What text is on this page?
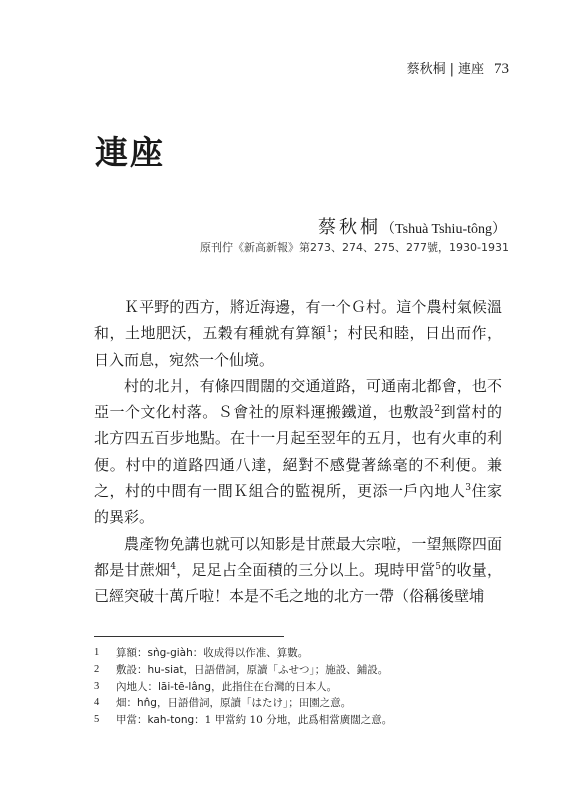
蔡秋桐 | 連座 73
連座
蔡秋桐（Tshuà Tshiu-tông）
原刊佇《新高新報》第273、274、275、277號，1930-1931

Ｋ平野的西方，將近海邊，有一个Ｇ村。這个農村氣候溫和，土地肥沃，五穀有種就有算額$^1$；村民和睦，日出而作，日入而息，宛然一个仙境。

村的北爿，有條四間闊的交通道路，可通南北都會，也不亞一个文化村落。Ｓ會社的原料運搬鐵道，也敷設$^2$到當村的北方四五百步地點。在十一月起至翌年的五月，也有火車的利便。村中的道路四通八達，絕對不感覺著絲毫的不利便。兼之，村的中間有一間Ｋ組合的監視所，更添一戶內地人$^3$住家的異彩。

農產物免講也就可以知影是甘蔗最大宗啦，一望無際四面都是甘蔗畑$^4$，足足占全面積的三分以上。現時甲當$^5$的收量，已經突破十萬斤啦！本是不毛之地的北方一帶（俗稱後壁埔

1	算額：sǹg-giàh ：收成得以作准、算數。
2	敷設：hu-siat ，日語借詞，原讀「ふせつ」；施設、鋪設。
3	內地人：lāi-tē-lâng ，此指住在台灣的日本人。
4	畑：hn̂g ，日語借詞，原讀「はたけ」；田園之意。
5	甲當：kah-tong ：1 甲當約 10 分地，此爲相當廣闊之意。
